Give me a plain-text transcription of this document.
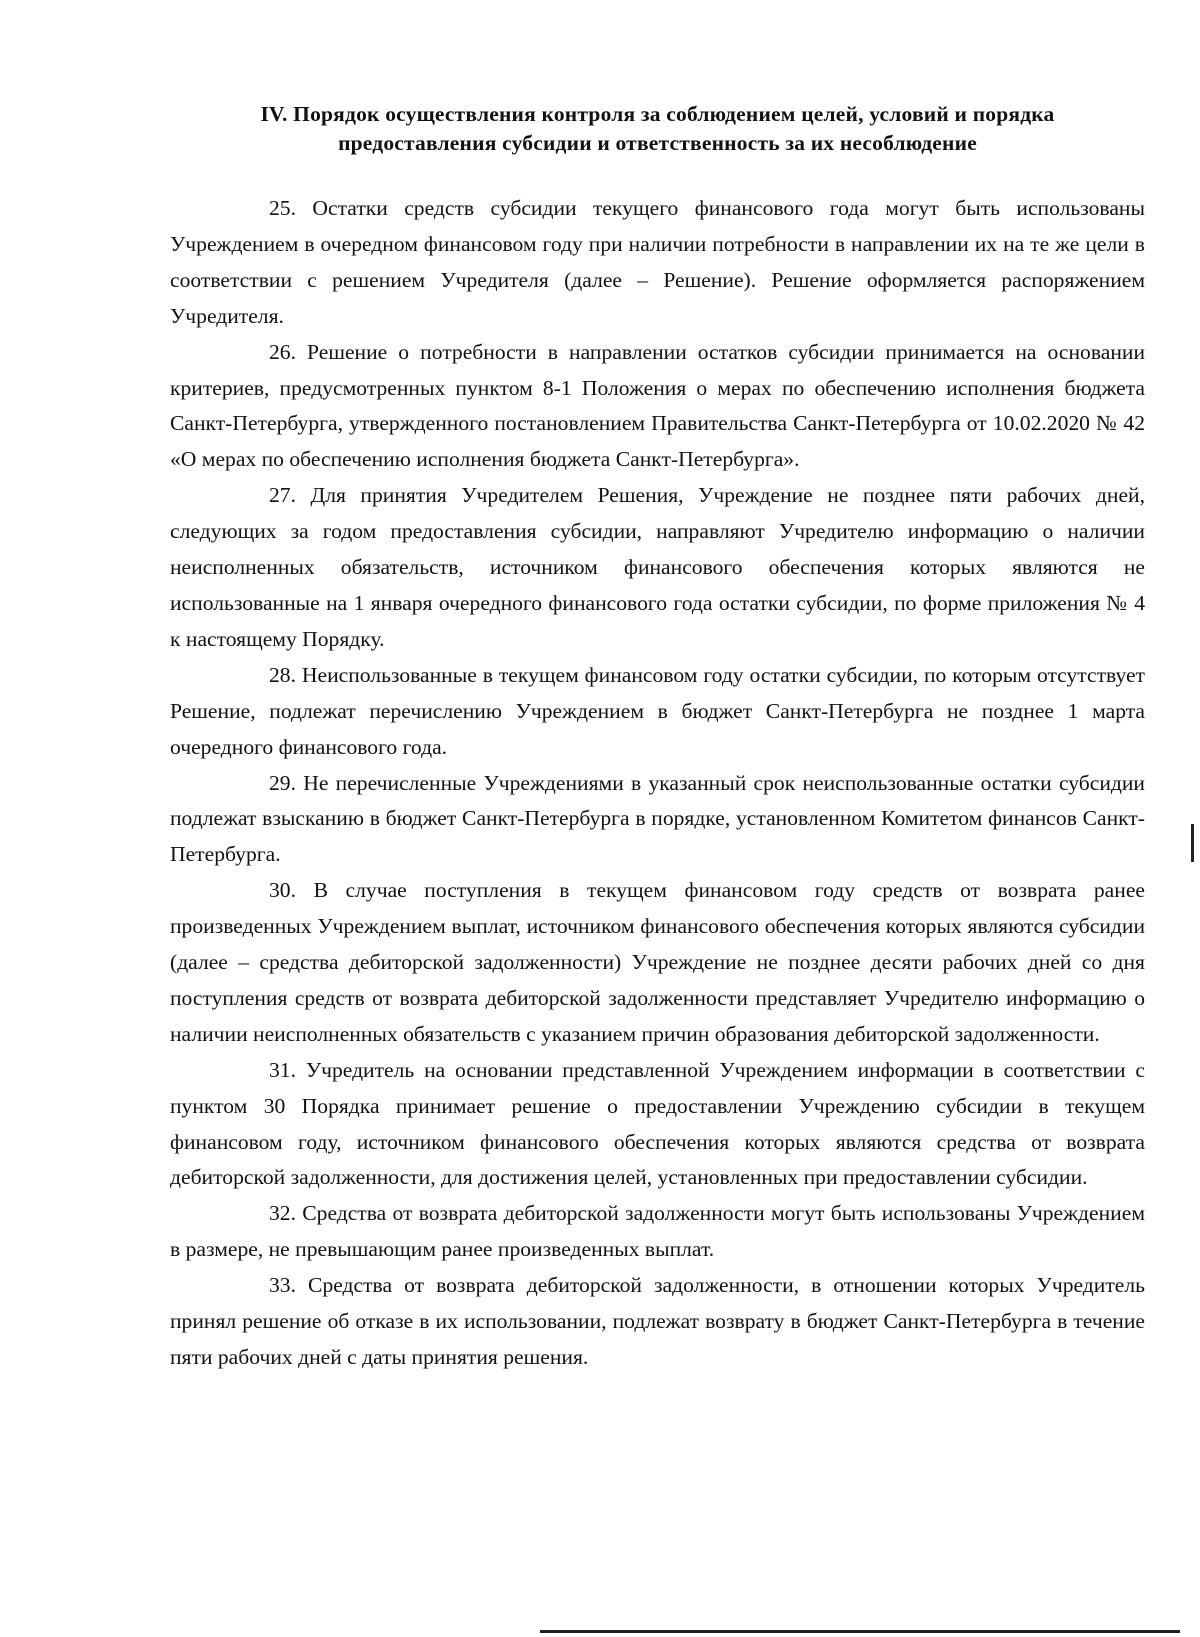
IV. Порядок осуществления контроля за соблюдением целей, условий и порядка
предоставления субсидии и ответственность за их несоблюдение

25. Остатки средств субсидии текущего финансового года могут быть использованы Учреждением в очередном финансовом году при наличии потребности в направлении их на те же цели в соответствии с решением Учредителя (далее – Решение). Решение оформляется распоряжением Учредителя.

26. Решение о потребности в направлении остатков субсидии принимается на основании критериев, предусмотренных пунктом 8-1 Положения о мерах по обеспечению исполнения бюджета Санкт-Петербурга, утвержденного постановлением Правительства Санкт-Петербурга от 10.02.2020 № 42 «О мерах по обеспечению исполнения бюджета Санкт-Петербурга».

27. Для принятия Учредителем Решения, Учреждение не позднее пяти рабочих дней, следующих за годом предоставления субсидии, направляют Учредителю информацию о наличии неисполненных обязательств, источником финансового обеспечения которых являются не использованные на 1 января очередного финансового года остатки субсидии, по форме приложения № 4 к настоящему Порядку.

28. Неиспользованные в текущем финансовом году остатки субсидии, по которым отсутствует Решение, подлежат перечислению Учреждением в бюджет Санкт-Петербурга не позднее 1 марта очередного финансового года.

29. Не перечисленные Учреждениями в указанный срок неиспользованные остатки субсидии подлежат взысканию в бюджет Санкт-Петербурга в порядке, установленном Комитетом финансов Санкт-Петербурга.

30. В случае поступления в текущем финансовом году средств от возврата ранее произведенных Учреждением выплат, источником финансового обеспечения которых являются субсидии (далее – средства дебиторской задолженности) Учреждение не позднее десяти рабочих дней со дня поступления средств от возврата дебиторской задолженности представляет Учредителю информацию о наличии неисполненных обязательств с указанием причин образования дебиторской задолженности.

31. Учредитель на основании представленной Учреждением информации в соответствии с пунктом 30 Порядка принимает решение о предоставлении Учреждению субсидии в текущем финансовом году, источником финансового обеспечения которых являются средства от возврата дебиторской задолженности, для достижения целей, установленных при предоставлении субсидии.

32. Средства от возврата дебиторской задолженности могут быть использованы Учреждением в размере, не превышающим ранее произведенных выплат.

33. Средства от возврата дебиторской задолженности, в отношении которых Учредитель принял решение об отказе в их использовании, подлежат возврату в бюджет Санкт-Петербурга в течение пяти рабочих дней с даты принятия решения.
